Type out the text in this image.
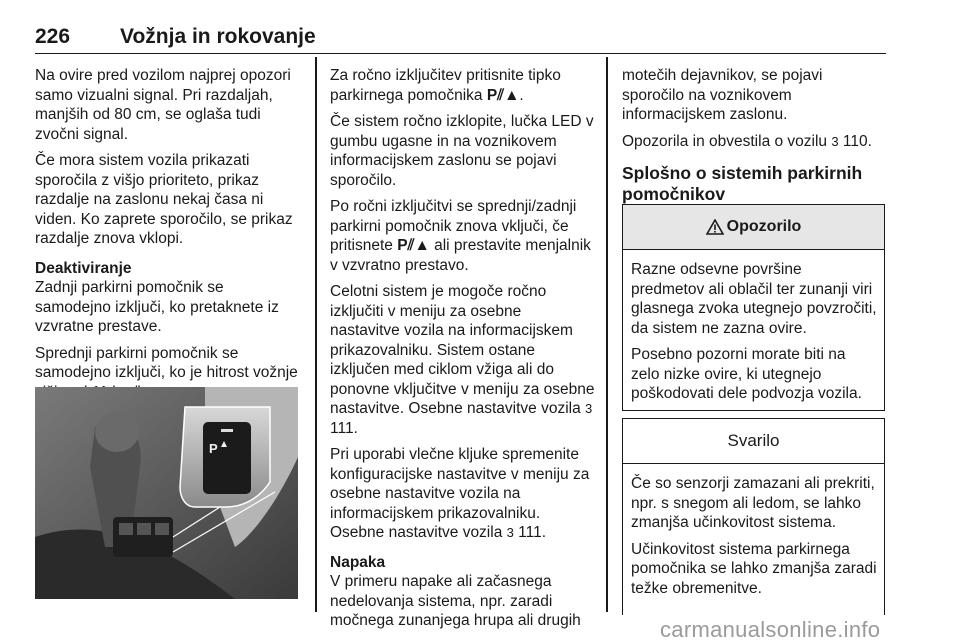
226 Vožnja in rokovanje

Na ovire pred vozilom najprej opozori samo vizualni signal. Pri razdaljah, manjših od 80 cm, se oglaša tudi zvočni signal.

Če mora sistem vozila prikazati sporočila z višjo prioriteto, prikaz razdalje na zaslonu nekaj časa ni viden. Ko zaprete sporočilo, se prikaz razdalje znova vklopi.

Deaktiviranje

Zadnji parkirni pomočnik se samodejno izključi, ko pretaknete iz vzvratne prestave.

Sprednji parkirni pomočnik se samodejno izključi, ko je hitrost vožnje

P

Za ročno izključitev pritisnite tipko parkirnega pomočnika P⫽▲.

Če sistem ročno izklopite, lučka LED v gumbu ugasne in na voznikovem informacijskem zaslonu se pojavi sporočilo.

Po ročni izključitvi se sprednji/zadnji parkirni pomočnik znova vključi, če pritisnete P⫽▲ ali prestavite menjalnik v vzvratno prestavo.

Celotni sistem je mogoče ročno izključiti v meniju za osebne nastavitve vozila na informacijskem prikazovalniku. Sistem ostane izključen med ciklom vžiga ali do ponovne vključitve v meniju za osebne nastavitve. Osebne nastavitve vozila 3 111.

Pri uporabi vlečne kljuke spremenite konfiguracijske nastavitve v meniju za osebne nastavitve vozila na informacijskem prikazovalniku. Osebne nastavitve vozila 3 111.

Napaka

V primeru napake ali začasnega nedelovanja sistema, npr. zaradi močnega zunanjega hrupa ali drugih

motečih dejavnikov, se pojavi sporočilo na voznikovem informacijskem zaslonu.

Opozorila in obvestila o vozilu 3 110.

Splošno o sistemih parkirnih pomočnikov
Opozorilo

Razne odsevne površine predmetov ali oblačil ter zunanji viri glasnega zvoka utegnejo povzročiti, da sistem ne zazna ovire.

Posebno pozorni morate biti na zelo nizke ovire, ki utegnejo poškodovati dele podvozja vozila.

Svarilo

Če so senzorji zamazani ali prekriti, npr. s snegom ali ledom, se lahko zmanjša učinkovitost sistema.

Učinkovitost sistema parkirnega pomočnika se lahko zmanjša zaradi težke obremenitve.

carmanualsonline.info
